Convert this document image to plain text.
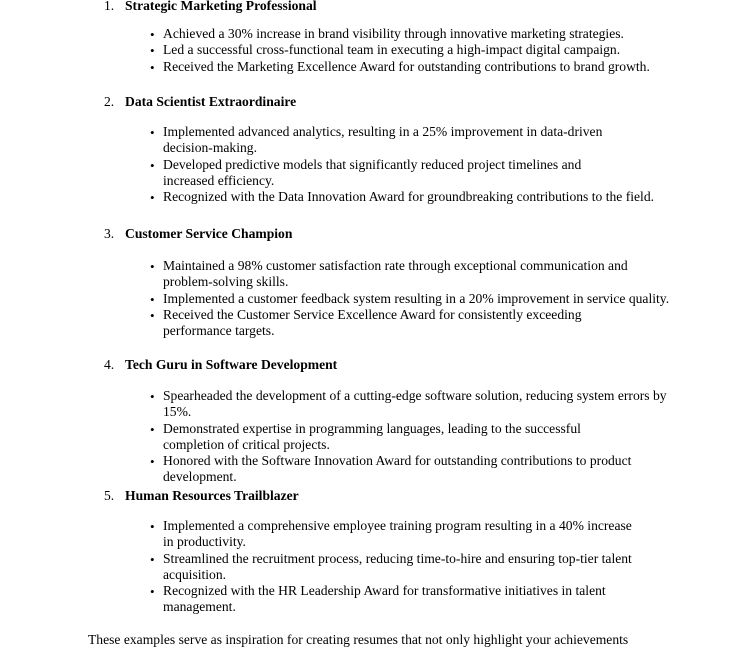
1. Strategic Marketing Professional
• Achieved a 30% increase in brand visibility through innovative marketing strategies.
• Led a successful cross-functional team in executing a high-impact digital campaign.
• Received the Marketing Excellence Award for outstanding contributions to brand growth.
2. Data Scientist Extraordinaire
• Implemented advanced analytics, resulting in a 25% improvement in data-driven decision-making.
• Developed predictive models that significantly reduced project timelines and increased efficiency.
• Recognized with the Data Innovation Award for groundbreaking contributions to the field.
3. Customer Service Champion
• Maintained a 98% customer satisfaction rate through exceptional communication and problem-solving skills.
• Implemented a customer feedback system resulting in a 20% improvement in service quality.
• Received the Customer Service Excellence Award for consistently exceeding performance targets.
4. Tech Guru in Software Development
• Spearheaded the development of a cutting-edge software solution, reducing system errors by 15%.
• Demonstrated expertise in programming languages, leading to the successful completion of critical projects.
• Honored with the Software Innovation Award for outstanding contributions to product development.
5. Human Resources Trailblazer
• Implemented a comprehensive employee training program resulting in a 40% increase in productivity.
• Streamlined the recruitment process, reducing time-to-hire and ensuring top-tier talent acquisition.
• Recognized with the HR Leadership Award for transformative initiatives in talent management.
These examples serve as inspiration for creating resumes that not only highlight your achievements
